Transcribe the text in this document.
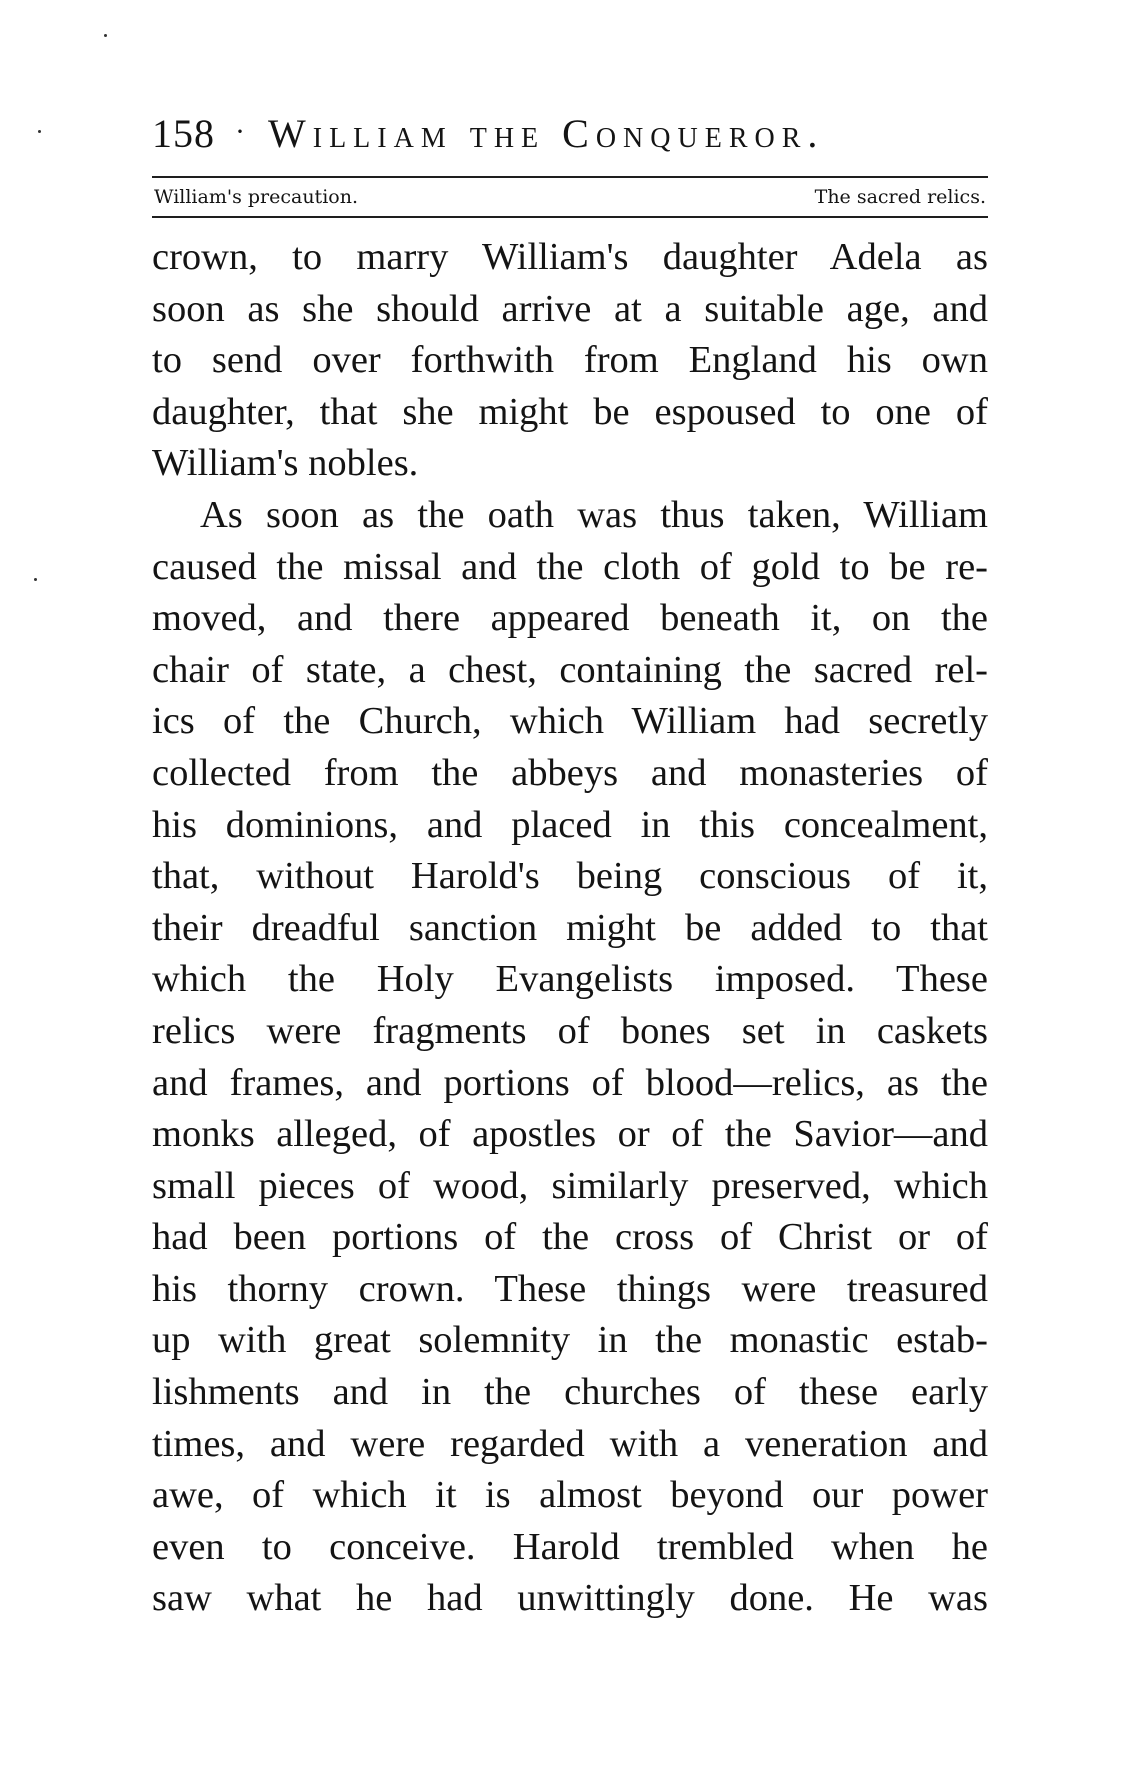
158 · William the Conqueror.
William's precaution.	The sacred relics.
crown, to marry William's daughter Adela as
soon as she should arrive at a suitable age, and
to send over forthwith from England his own
daughter, that she might be espoused to one of
William's nobles.
As soon as the oath was thus taken, William
caused the missal and the cloth of gold to be re-
moved, and there appeared beneath it, on the
chair of state, a chest, containing the sacred rel-
ics of the Church, which William had secretly
collected from the abbeys and monasteries of
his dominions, and placed in this concealment,
that, without Harold's being conscious of it,
their dreadful sanction might be added to that
which the Holy Evangelists imposed. These
relics were fragments of bones set in caskets
and frames, and portions of blood—relics, as the
monks alleged, of apostles or of the Savior—and
small pieces of wood, similarly preserved, which
had been portions of the cross of Christ or of
his thorny crown. These things were treasured
up with great solemnity in the monastic estab-
lishments and in the churches of these early
times, and were regarded with a veneration and
awe, of which it is almost beyond our power
even to conceive. Harold trembled when he
saw what he had unwittingly done. He was
